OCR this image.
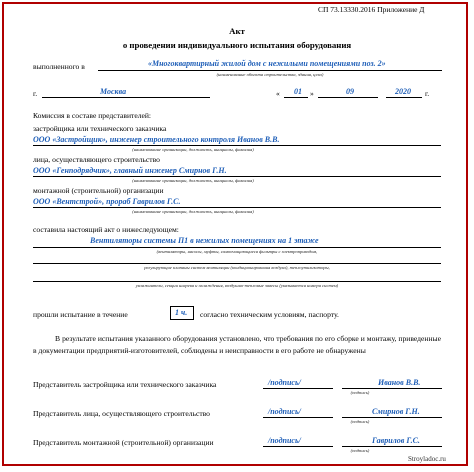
СП 73.13330.2016 Приложение Д
Акт
о проведении индивидуального испытания оборудования
выполненного в	«Многоквартирный жилой дом с нежилыми помещениями поз. 2»
(наименование объекта строительства, здания, цеха)
г.	Москва	« 01 »	09	2020 г.
Комиссия в составе представителей:
застройщика или технического заказчика
ООО «Застройщик», инженер строительного контроля Иванов В.В.
(наименование организации, должность, инициалы, фамилия)
лица, осуществляющего строительство
ООО «Генподрядчик», главный инженер Смирнов Г.Н.
(наименование организации, должность, инициалы, фамилия)
монтажной (строительной) организации
ООО «Вентстрой», прораб Гаврилов Г.С.
(наименование организации, должность, инициалы, фамилия)
составила настоящий акт о нижеследующем:
Вентиляторы системы П1 в нежилых помещениях на 1 этаже
(вентиляторы, насосы, муфты, самоочищающиеся фильтры с электроприводом,
регулирующие клапаны систем вентиляции (кондиционирования воздуха), теплоутилизаторы,
увлажнители, секции нагрева и охлаждения, воздушно-тепловые завесы (указывается номера систем)
прошли испытание в течение	1 ч. согласно техническим условиям, паспорту.
В результате испытания указанного оборудования установлено, что требования по его сборке и монтажу, приведенные в документации предприятий-изготовителей, соблюдены и неисправности в его работе не обнаружены
Представитель застройщика или технического заказчика	/подпись/	Иванов В.В.
(подпись)
Представитель лица, осуществляющего строительство	/подпись/	Смирнов Г.Н.
(подпись)
Представитель монтажной (строительной) организации	/подпись/	Гаврилов Г.С.
(подпись)
Stroyladoc.ru
